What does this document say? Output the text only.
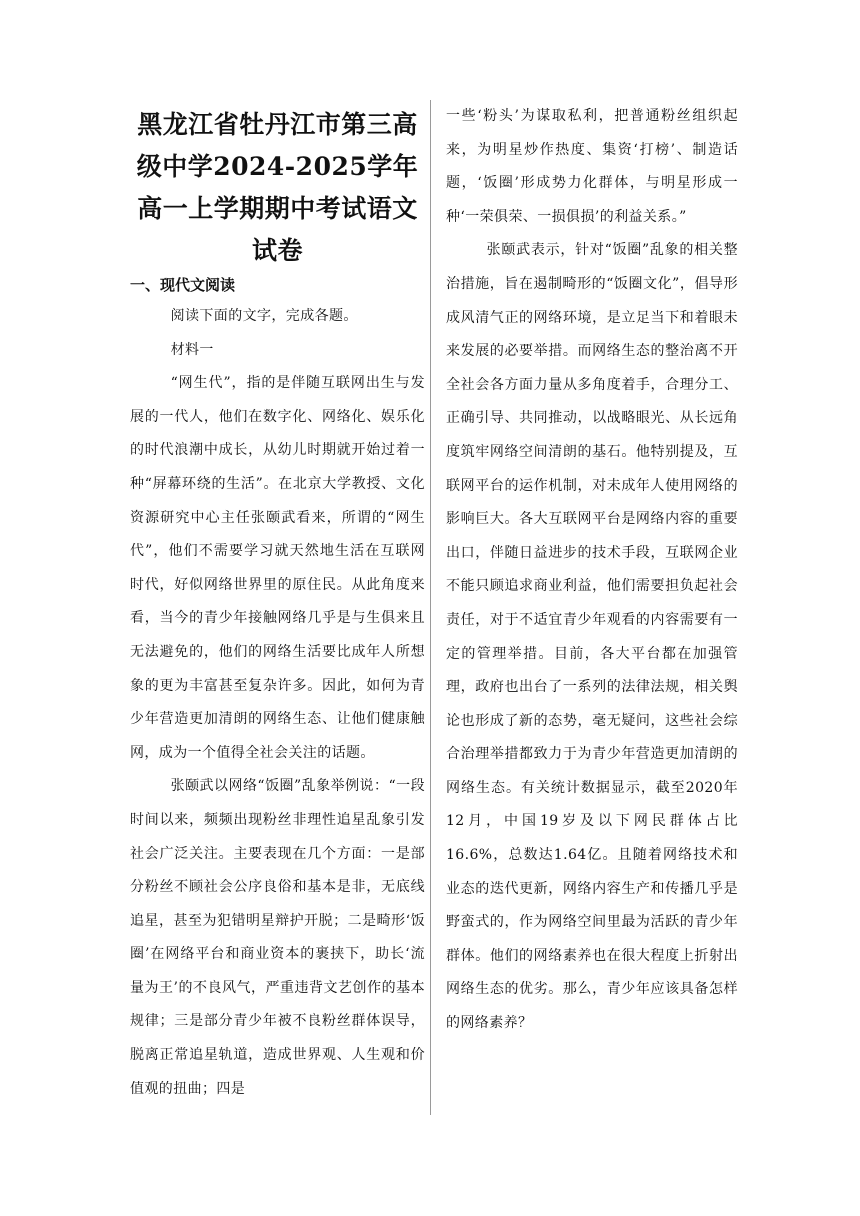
黑龙江省牡丹江市第三高级中学2024-2025学年高一上学期期中考试语文试卷
一、现代文阅读

阅读下面的文字，完成各题。

材料一

“网生代”，指的是伴随互联网出生与发展的一代人，他们在数字化、网络化、娱乐化的时代浪潮中成长，从幼儿时期就开始过着一种“屏幕环绕的生活”。在北京大学教授、文化资源研究中心主任张颐武看来，所谓的“网生代”，他们不需要学习就天然地生活在互联网时代，好似网络世界里的原住民。从此角度来看，当今的青少年接触网络几乎是与生俱来且无法避免的，他们的网络生活要比成年人所想象的更为丰富甚至复杂许多。因此，如何为青少年营造更加清朗的网络生态、让他们健康触网，成为一个值得全社会关注的话题。

张颐武以网络“饭圈”乱象举例说：“一段时间以来，频频出现粉丝非理性追星乱象引发社会广泛关注。主要表现在几个方面：一是部分粉丝不顾社会公序良俗和基本是非，无底线追星，甚至为犯错明星辩护开脱；二是畸形‘饭圈’在网络平台和商业资本的裹挟下，助长‘流量为王’的不良风气，严重违背文艺创作的基本规律；三是部分青少年被不良粉丝群体误导，脱离正常追星轨道，造成世界观、人生观和价值观的扭曲；四是

一些‘粉头’为谋取私利，把普通粉丝组织起来，为明星炒作热度、集资‘打榜’、制造话题，‘饭圈’形成势力化群体，与明星形成一种‘一荣俱荣、一损俱损’的利益关系。”

张颐武表示，针对“饭圈”乱象的相关整治措施，旨在遏制畸形的“饭圈文化”，倡导形成风清气正的网络环境，是立足当下和着眼未来发展的必要举措。而网络生态的整治离不开全社会各方面力量从多角度着手，合理分工、正确引导、共同推动，以战略眼光、从长远角度筑牢网络空间清朗的基石。他特别提及，互联网平台的运作机制，对未成年人使用网络的影响巨大。各大互联网平台是网络内容的重要出口，伴随日益进步的技术手段，互联网企业不能只顾追求商业利益，他们需要担负起社会责任，对于不适宜青少年观看的内容需要有一定的管理举措。目前，各大平台都在加强管理，政府也出台了一系列的法律法规，相关舆论也形成了新的态势，毫无疑问，这些社会综合治理举措都致力于为青少年营造更加清朗的网络生态。有关统计数据显示，截至2020年12月，中国19岁及以下网民群体占比16.6%，总数达1.64亿。且随着网络技术和业态的迭代更新，网络内容生产和传播几乎是野蛮式的，作为网络空间里最为活跃的青少年群体。他们的网络素养也在很大程度上折射出网络生态的优劣。那么，青少年应该具备怎样的网络素养？
